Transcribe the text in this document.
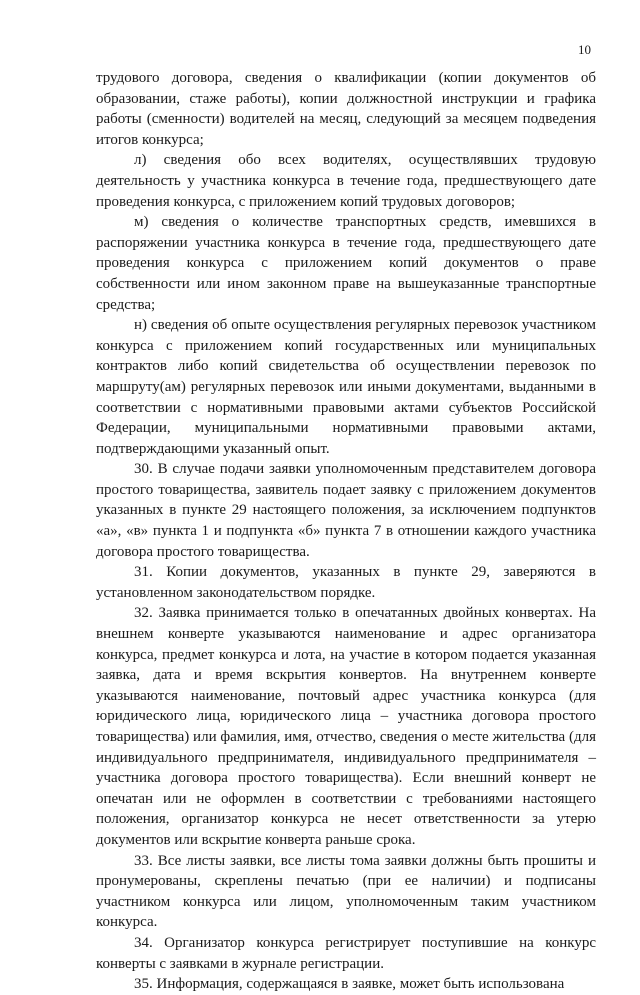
10

трудового договора, сведения о квалификации (копии документов об образовании, стаже работы), копии должностной инструкции и графика работы (сменности) водителей на месяц, следующий за месяцем подведения итогов конкурса;

л) сведения обо всех водителях, осуществлявших трудовую деятельность у участника конкурса в течение года, предшествующего дате проведения конкурса, с приложением копий трудовых договоров;

м) сведения о количестве транспортных средств, имевшихся в распоряжении участника конкурса в течение года, предшествующего дате проведения конкурса с приложением копий документов о праве собственности или ином законном праве на вышеуказанные транспортные средства;

н) сведения об опыте осуществления регулярных перевозок участником конкурса с приложением копий государственных или муниципальных контрактов либо копий свидетельства об осуществлении перевозок по маршруту(ам) регулярных перевозок или иными документами, выданными в соответствии с нормативными правовыми актами субъектов Российской Федерации, муниципальными нормативными правовыми актами, подтверждающими указанный опыт.

30. В случае подачи заявки уполномоченным представителем договора простого товарищества, заявитель подает заявку с приложением документов указанных в пункте 29 настоящего положения, за исключением подпунктов «а», «в» пункта 1 и подпункта «б» пункта 7 в отношении каждого участника договора простого товарищества.

31. Копии документов, указанных в пункте 29, заверяются в установленном законодательством порядке.

32. Заявка принимается только в опечатанных двойных конвертах. На внешнем конверте указываются наименование и адрес организатора конкурса, предмет конкурса и лота, на участие в котором подается указанная заявка, дата и время вскрытия конвертов. На внутреннем конверте указываются наименование, почтовый адрес участника конкурса (для юридического лица, юридического лица – участника договора простого товарищества) или фамилия, имя, отчество, сведения о месте жительства (для индивидуального предпринимателя, индивидуального предпринимателя – участника договора простого товарищества). Если внешний конверт не опечатан или не оформлен в соответствии с требованиями настоящего положения, организатор конкурса не несет ответственности за утерю документов или вскрытие конверта раньше срока.

33. Все листы заявки, все листы тома заявки должны быть прошиты и пронумерованы, скреплены печатью (при ее наличии) и подписаны участником конкурса или лицом, уполномоченным таким участником конкурса.

34. Организатор конкурса регистрирует поступившие на конкурс конверты с заявками в журнале регистрации.

35. Информация, содержащаяся в заявке, может быть использована
